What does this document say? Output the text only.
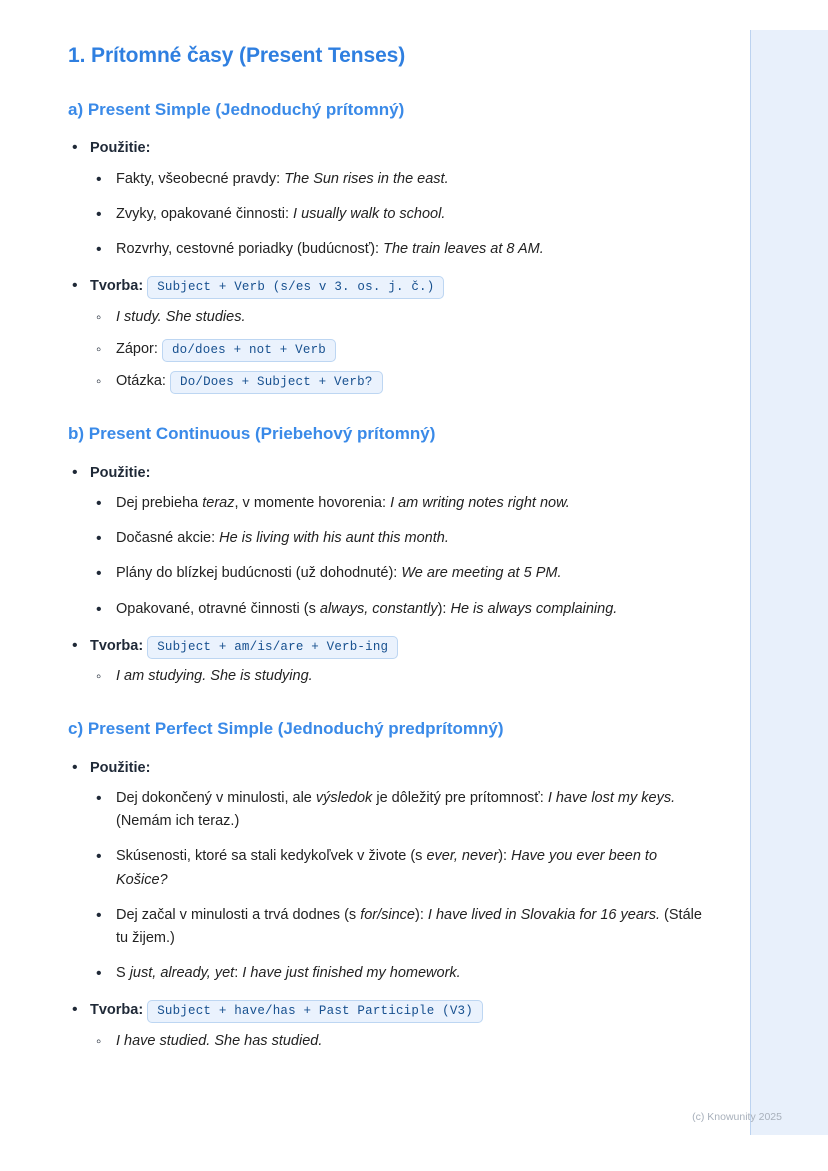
1. Prítomné časy (Present Tenses)
a) Present Simple (Jednoduchý prítomný)
• Použitie:
• Fakty, všeobecné pravdy: The Sun rises in the east.
• Zvyky, opakované činnosti: I usually walk to school.
• Rozvrhy, cestovné poriadky (budúcnosť): The train leaves at 8 AM.
• Tvorba: Subject + Verb (s/es v 3. os. j. č.)
◦ I study. She studies.
◦ Zápor: do/does + not + Verb
◦ Otázka: Do/Does + Subject + Verb?
b) Present Continuous (Priebehový prítomný)
• Použitie:
• Dej prebieha teraz, v momente hovorenia: I am writing notes right now.
• Dočasné akcie: He is living with his aunt this month.
• Plány do blízkej budúcnosti (už dohodnuté): We are meeting at 5 PM.
• Opakované, otravné činnosti (s always, constantly): He is always complaining.
• Tvorba: Subject + am/is/are + Verb-ing
◦ I am studying. She is studying.
c) Present Perfect Simple (Jednoduchý predprítomný)
• Použitie:
• Dej dokončený v minulosti, ale výsledok je dôležitý pre prítomnosť: I have lost my keys. (Nemám ich teraz.)
• Skúsenosti, ktoré sa stali kedykoľvek v živote (s ever, never): Have you ever been to Košice?
• Dej začal v minulosti a trvá dodnes (s for/since): I have lived in Slovakia for 16 years. (Stále tu žijem.)
• S just, already, yet: I have just finished my homework.
• Tvorba: Subject + have/has + Past Participle (V3)
◦ I have studied. She has studied.
(c) Knowunity 2025
